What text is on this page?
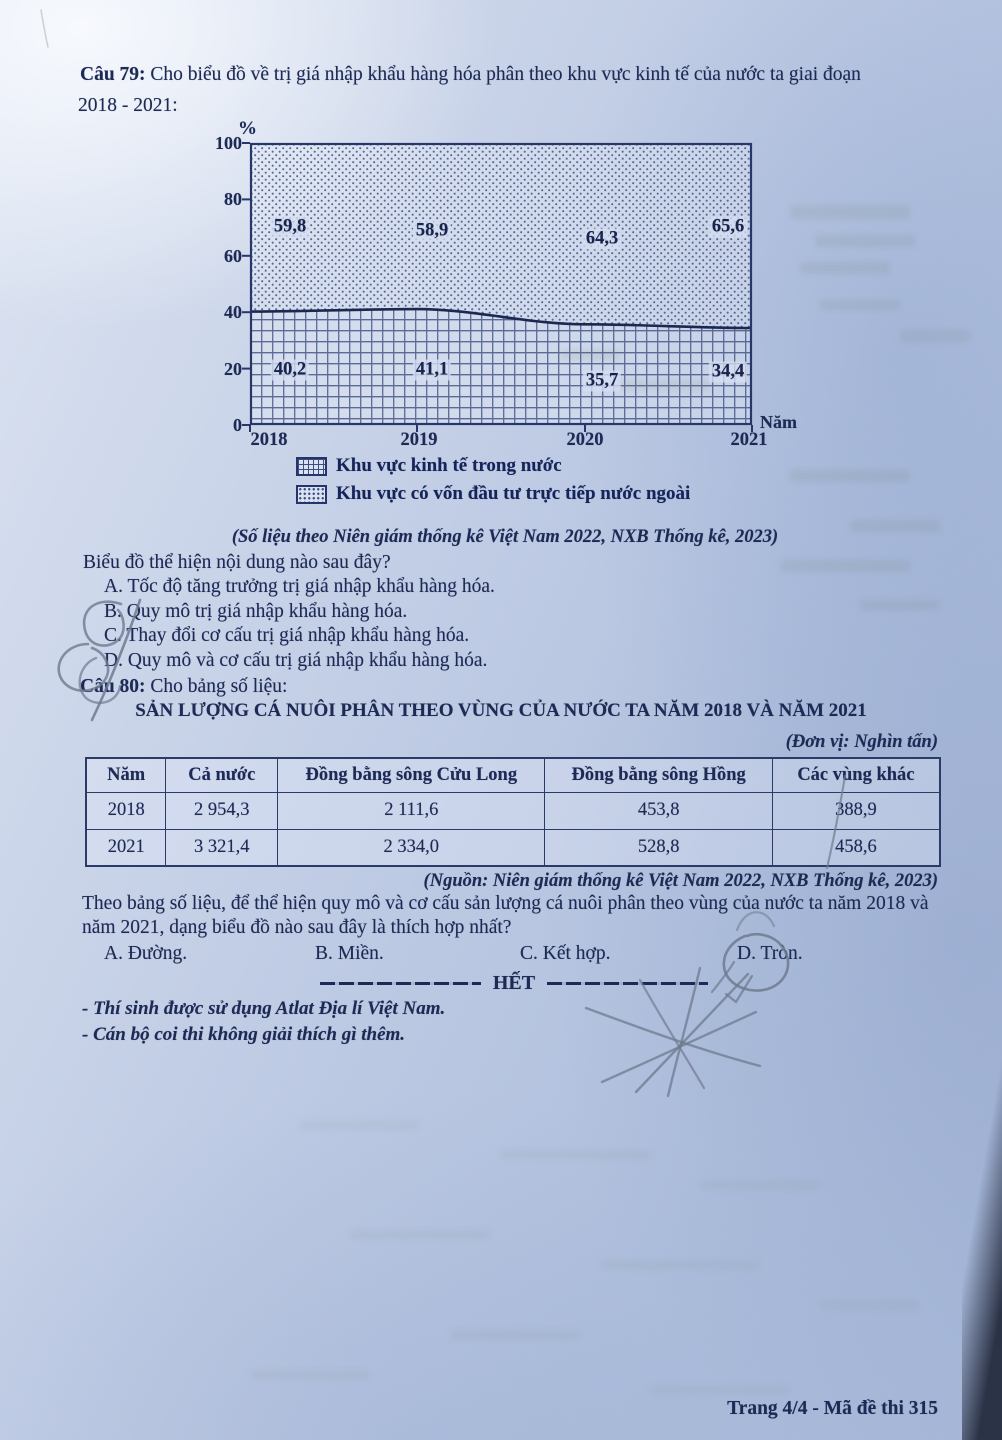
Câu 79: Cho biểu đồ về trị giá nhập khẩu hàng hóa phân theo khu vực kinh tế của nước ta giai đoạn
2018 - 2021:
%
Năm
100
80
60
40
20
0
2018	2019	2020	2021
59,8	58,9	64,3
65,6
40,2	41,1
35,7	34,4
Khu vực kinh tế trong nước
Khu vực có vốn đầu tư trực tiếp nước ngoài
(Số liệu theo Niên giám thống kê Việt Nam 2022, NXB Thống kê, 2023)
Biểu đồ thể hiện nội dung nào sau đây?
A. Tốc độ tăng trưởng trị giá nhập khẩu hàng hóa.
B. Quy mô trị giá nhập khẩu hàng hóa.
C. Thay đổi cơ cấu trị giá nhập khẩu hàng hóa.
D. Quy mô và cơ cấu trị giá nhập khẩu hàng hóa.
Câu 80: Cho bảng số liệu:
SẢN LƯỢNG CÁ NUÔI PHÂN THEO VÙNG CỦA NƯỚC TA NĂM 2018 VÀ NĂM 2021
(Đơn vị: Nghìn tấn)
Năm	Cả nước	Đồng bằng sông Cửu Long	Đồng bằng sông Hồng	Các vùng khác
2018	2 954,3	2 111,6	453,8	388,9
2021	3 321,4	2 334,0	528,8	458,6
(Nguồn: Niên giám thống kê Việt Nam 2022, NXB Thống kê, 2023)
Theo bảng số liệu, để thể hiện quy mô và cơ cấu sản lượng cá nuôi phân theo vùng của nước ta năm 2018 và năm 2021, dạng biểu đồ nào sau đây là thích hợp nhất?
A. Đường.	B. Miền.	C. Kết hợp.	D. Tròn.
HẾT
- Thí sinh được sử dụng Atlat Địa lí Việt Nam.
- Cán bộ coi thi không giải thích gì thêm.
Trang 4/4 - Mã đề thi 315
